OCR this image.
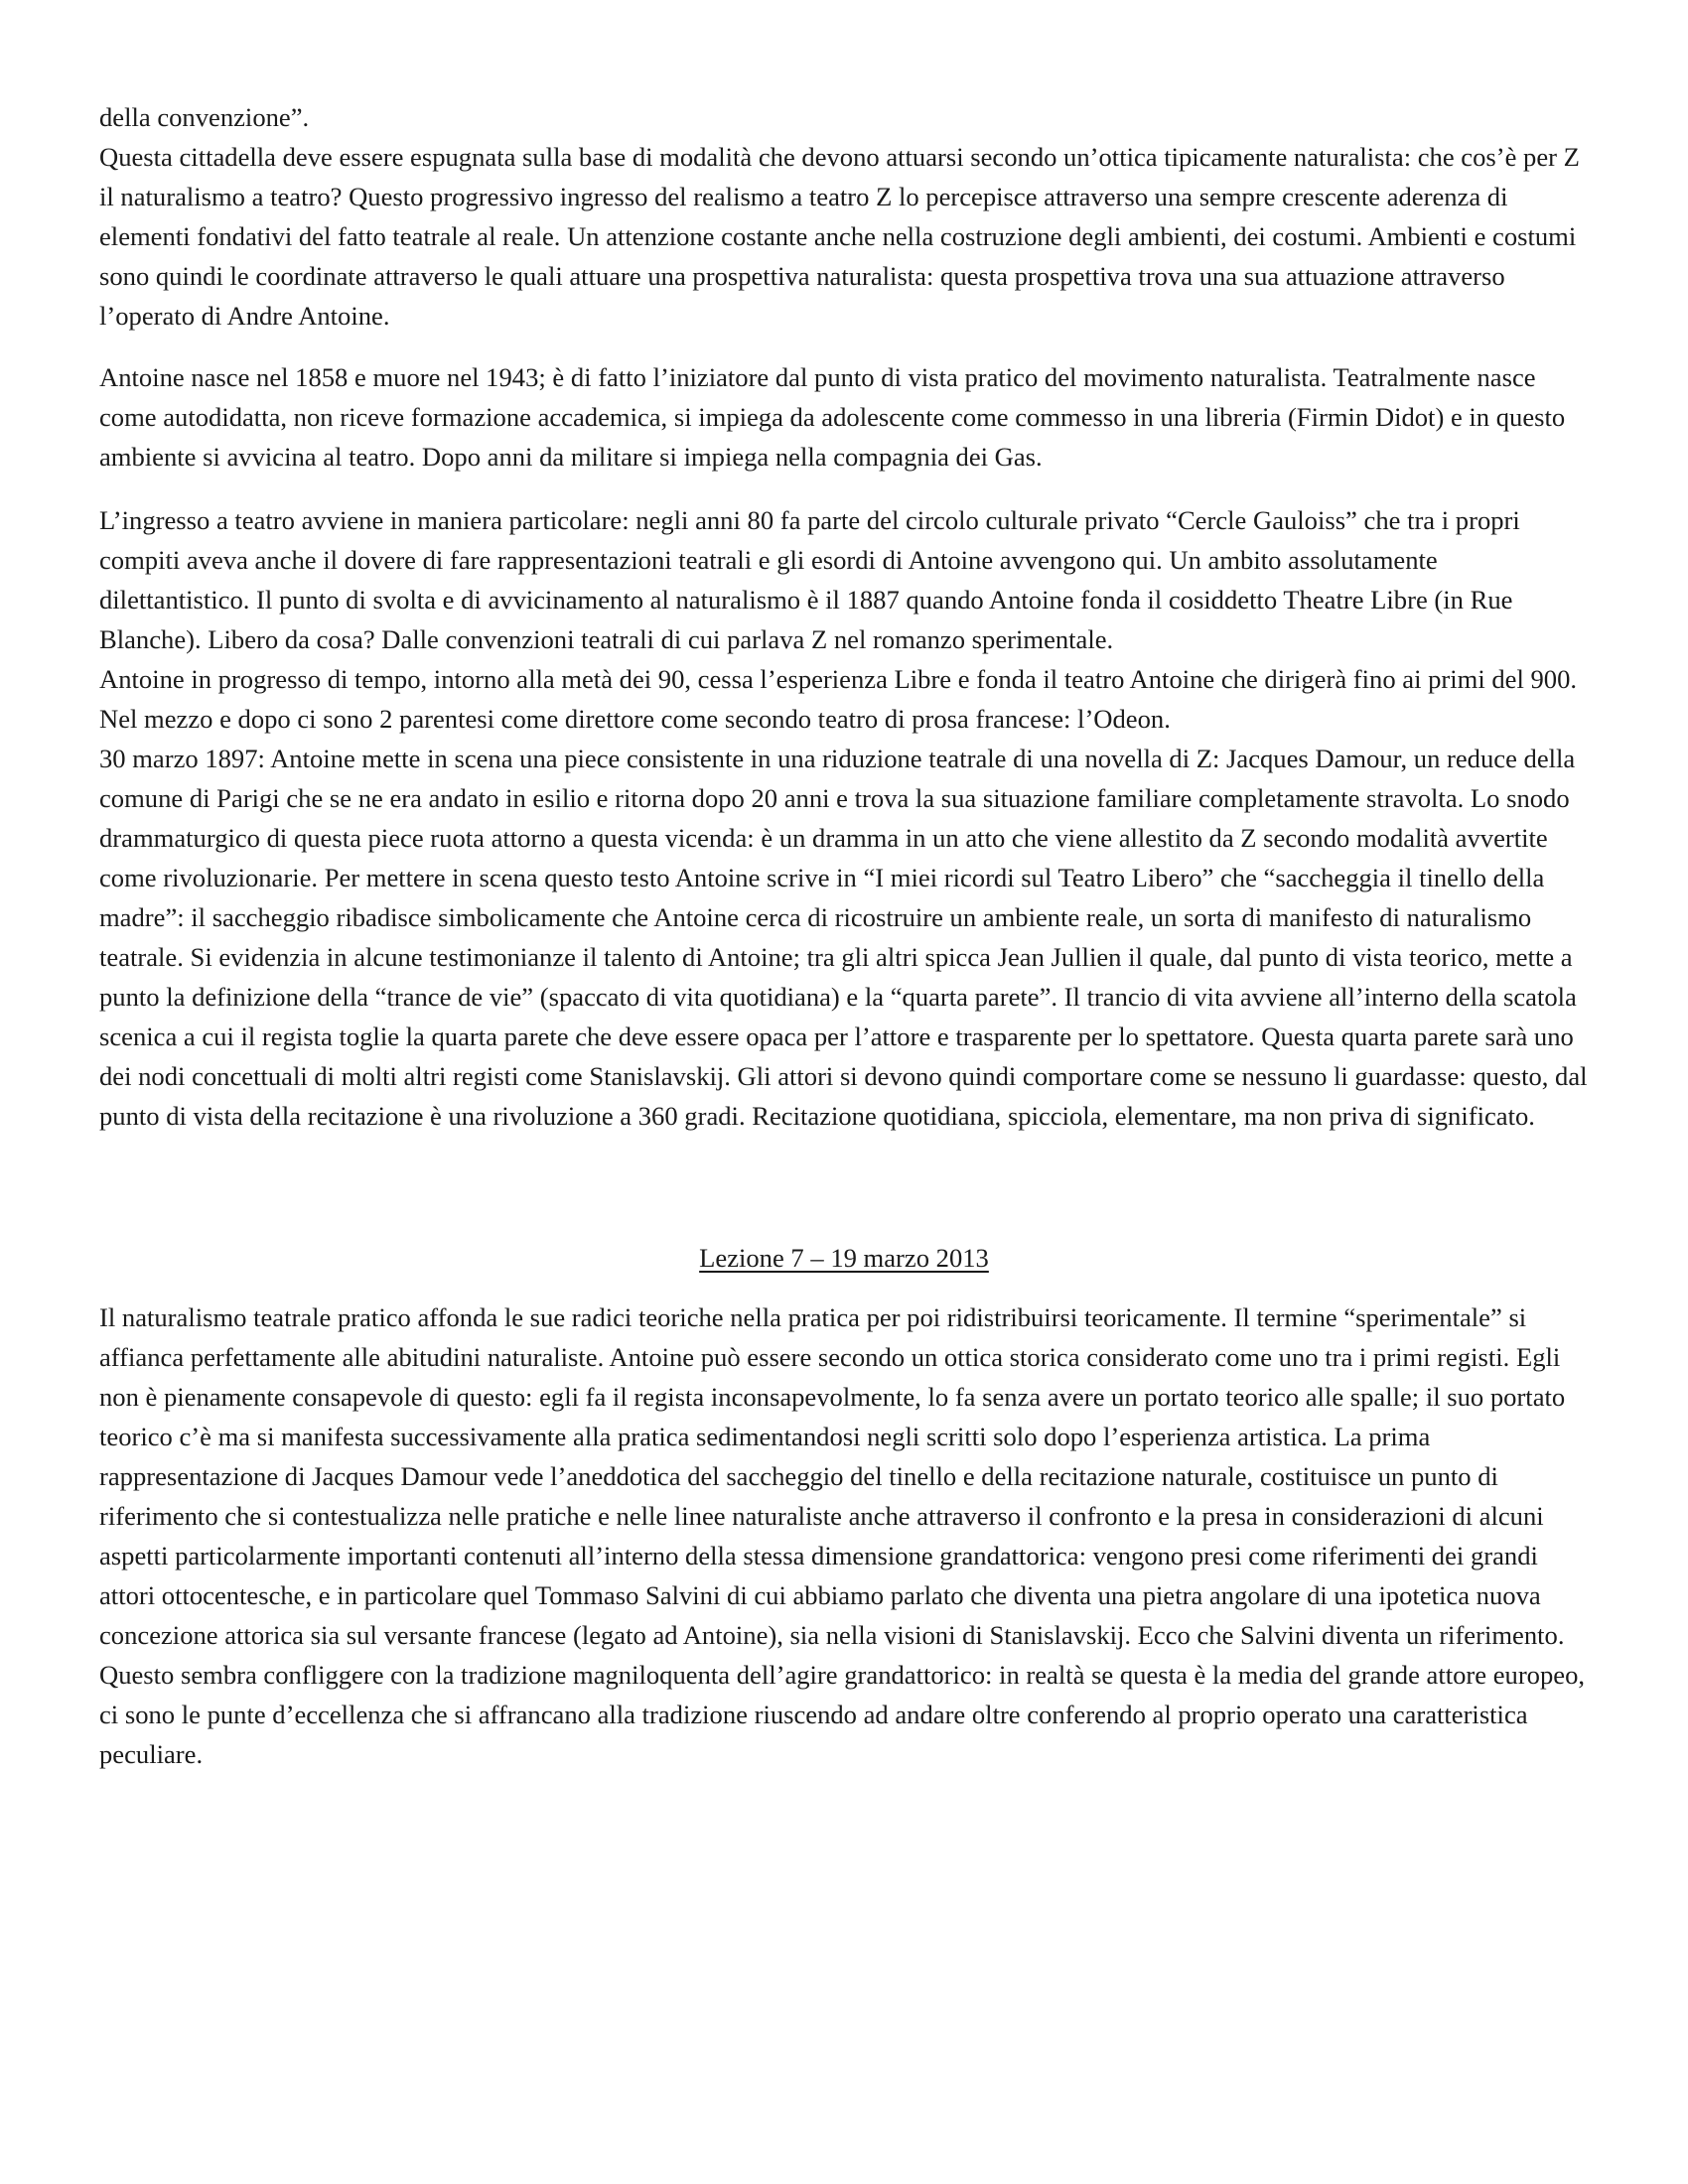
della convenzione”.

Questa cittadella deve essere espugnata sulla base di modalità che devono attuarsi secondo un’ottica tipicamente naturalista: che cos’è per Z il naturalismo a teatro? Questo progressivo ingresso del realismo a teatro Z lo percepisce attraverso una sempre crescente aderenza di elementi fondativi del fatto teatrale al reale. Un attenzione costante anche nella costruzione degli ambienti, dei costumi. Ambienti e costumi sono quindi le coordinate attraverso le quali attuare una prospettiva naturalista: questa prospettiva trova una sua attuazione attraverso l’operato di Andre Antoine.

Antoine nasce nel 1858 e muore nel 1943; è di fatto l’iniziatore dal punto di vista pratico del movimento naturalista. Teatralmente nasce come autodidatta, non riceve formazione accademica, si impiega da adolescente come commesso in una libreria (Firmin Didot) e in questo ambiente si avvicina al teatro. Dopo anni da militare si impiega nella compagnia dei Gas.

L’ingresso a teatro avviene in maniera particolare: negli anni 80 fa parte del circolo culturale privato “Cercle Gauloiss” che tra i propri compiti aveva anche il dovere di fare rappresentazioni teatrali e gli esordi di Antoine avvengono qui. Un ambito assolutamente dilettantistico. Il punto di svolta e di avvicinamento al naturalismo è il 1887 quando Antoine fonda il cosiddetto Theatre Libre (in Rue Blanche). Libero da cosa? Dalle convenzioni teatrali di cui parlava Z nel romanzo sperimentale.

Antoine in progresso di tempo, intorno alla metà dei 90, cessa l’esperienza Libre e fonda il teatro Antoine che dirigerà fino ai primi del 900. Nel mezzo e dopo ci sono 2 parentesi come direttore come secondo teatro di prosa francese: l’Odeon.

30 marzo 1897: Antoine mette in scena una piece consistente in una riduzione teatrale di una novella di Z: Jacques Damour, un reduce della comune di Parigi che se ne era andato in esilio e ritorna dopo 20 anni e trova la sua situazione familiare completamente stravolta. Lo snodo drammaturgico di questa piece ruota attorno a questa vicenda: è un dramma in un atto che viene allestito da Z secondo modalità avvertite come rivoluzionarie. Per mettere in scena questo testo Antoine scrive in “I miei ricordi sul Teatro Libero” che “saccheggia il tinello della madre”: il saccheggio ribadisce simbolicamente che Antoine cerca di ricostruire un ambiente reale, un sorta di manifesto di naturalismo teatrale. Si evidenzia in alcune testimonianze il talento di Antoine; tra gli altri spicca Jean Jullien il quale, dal punto di vista teorico, mette a punto la definizione della “trance de vie” (spaccato di vita quotidiana) e la “quarta parete”. Il trancio di vita avviene all’interno della scatola scenica a cui il regista toglie la quarta parete che deve essere opaca per l’attore e trasparente per lo spettatore. Questa quarta parete sarà uno dei nodi concettuali di molti altri registi come Stanislavskij. Gli attori si devono quindi comportare come se nessuno li guardasse: questo, dal punto di vista della recitazione è una rivoluzione a 360 gradi. Recitazione quotidiana, spicciola, elementare, ma non priva di significato.

Lezione 7 – 19 marzo 2013

Il naturalismo teatrale pratico affonda le sue radici teoriche nella pratica per poi ridistribuirsi teoricamente. Il termine “sperimentale” si affianca perfettamente alle abitudini naturaliste. Antoine può essere secondo un ottica storica considerato come uno tra i primi registi. Egli non è pienamente consapevole di questo: egli fa il regista inconsapevolmente, lo fa senza avere un portato teorico alle spalle; il suo portato teorico c’è ma si manifesta successivamente alla pratica sedimentandosi negli scritti solo dopo l’esperienza artistica. La prima rappresentazione di Jacques Damour vede l’aneddotica del saccheggio del tinello e della recitazione naturale, costituisce un punto di riferimento che si contestualizza nelle pratiche e nelle linee naturaliste anche attraverso il confronto e la presa in considerazioni di alcuni aspetti particolarmente importanti contenuti all’interno della stessa dimensione grandattorica: vengono presi come riferimenti dei grandi attori ottocentesche, e in particolare quel Tommaso Salvini di cui abbiamo parlato che diventa una pietra angolare di una ipotetica nuova concezione attorica sia sul versante francese (legato ad Antoine), sia nella visioni di Stanislavskij. Ecco che Salvini diventa un riferimento. Questo sembra confliggere con la tradizione magniloquenta dell’agire grandattorico: in realtà se questa è la media del grande attore europeo, ci sono le punte d’eccellenza che si affrancano alla tradizione riuscendo ad andare oltre conferendo al proprio operato una caratteristica peculiare.
